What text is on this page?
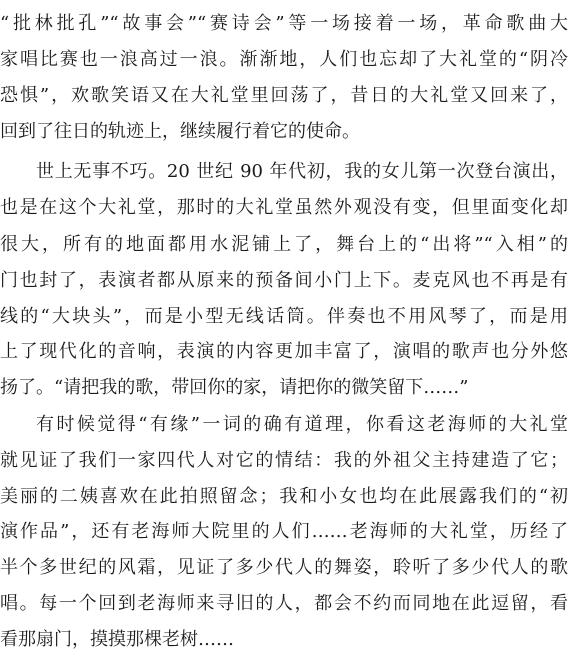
“批林批孔”“故事会”“赛诗会”等一场接着一场，革命歌曲大

家唱比赛也一浪高过一浪。渐渐地，人们也忘却了大礼堂的“阴冷

恐惧”，欢歌笑语又在大礼堂里回荡了，昔日的大礼堂又回来了，

回到了往日的轨迹上，继续履行着它的使命。

世上无事不巧。20 世纪 90 年代初，我的女儿第一次登台演出，

也是在这个大礼堂，那时的大礼堂虽然外观没有变，但里面变化却

很大，所有的地面都用水泥铺上了，舞台上的“出将”“入相”的

门也封了，表演者都从原来的预备间小门上下。麦克风也不再是有

线的“大块头”，而是小型无线话筒。伴奏也不用风琴了，而是用

上了现代化的音响，表演的内容更加丰富了，演唱的歌声也分外悠

扬了。“请把我的歌，带回你的家，请把你的微笑留下……”

有时候觉得“有缘”一词的确有道理，你看这老海师的大礼堂

就见证了我们一家四代人对它的情结：我的外祖父主持建造了它；

美丽的二姨喜欢在此拍照留念；我和小女也均在此展露我们的“初

演作品”，还有老海师大院里的人们……老海师的大礼堂，历经了

半个多世纪的风霜，见证了多少代人的舞姿，聆听了多少代人的歌

唱。每一个回到老海师来寻旧的人，都会不约而同地在此逗留，看

看那扇门，摸摸那棵老树……
